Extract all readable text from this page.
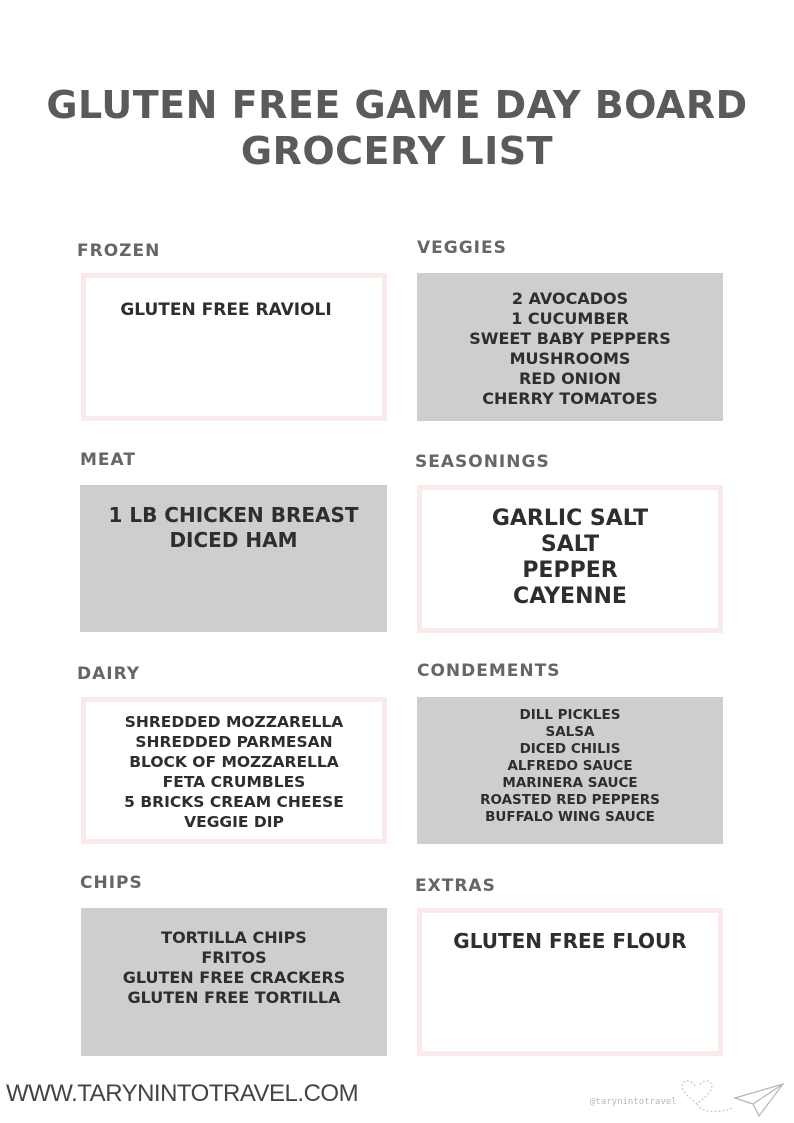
GLUTEN FREE GAME DAY BOARD
GROCERY LIST
FROZEN
GLUTEN FREE RAVIOLI
VEGGIES
2 AVOCADOS
1 CUCUMBER
SWEET BABY PEPPERS
MUSHROOMS
RED ONION
CHERRY TOMATOES
MEAT
1 LB CHICKEN BREAST
DICED HAM
SEASONINGS
GARLIC SALT
SALT
PEPPER
CAYENNE
DAIRY
SHREDDED MOZZARELLA
SHREDDED PARMESAN
BLOCK OF MOZZARELLA
FETA CRUMBLES
5 BRICKS CREAM CHEESE
VEGGIE DIP
CONDEMENTS
DILL PICKLES
SALSA
DICED CHILIS
ALFREDO SAUCE
MARINERA SAUCE
ROASTED RED PEPPERS
BUFFALO WING SAUCE
CHIPS
TORTILLA CHIPS
FRITOS
GLUTEN FREE CRACKERS
GLUTEN FREE TORTILLA
EXTRAS
GLUTEN FREE FLOUR
WWW.TARYNINTOTRAVEL.COM	@tarynintotravel
